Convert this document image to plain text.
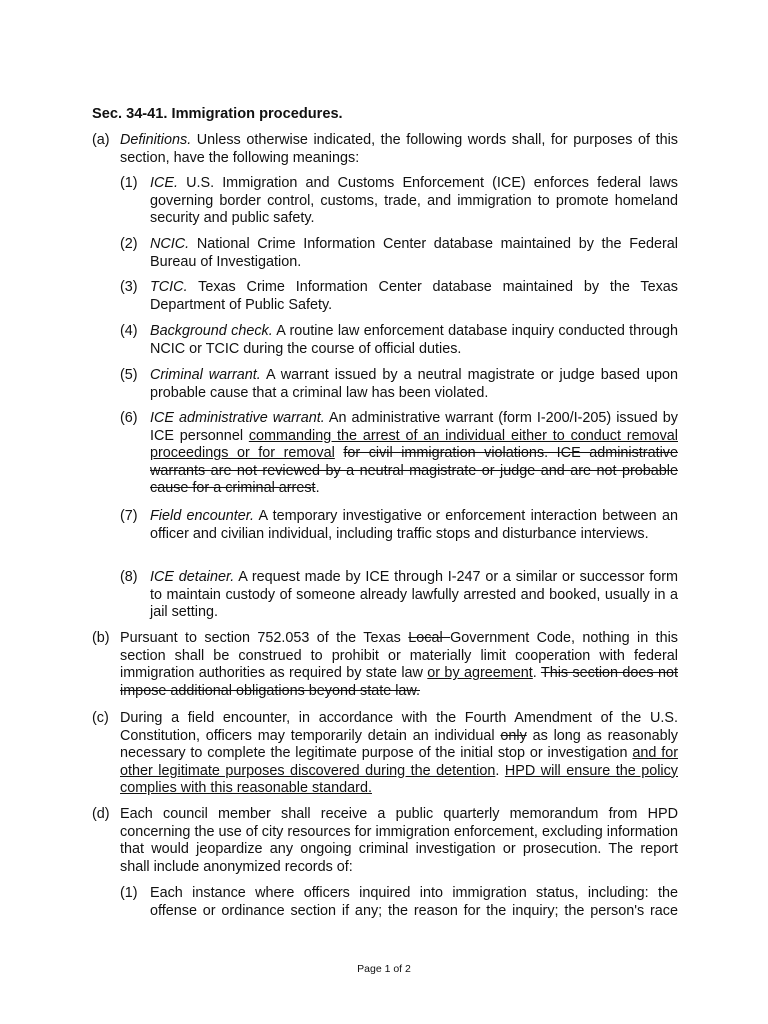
Sec. 34-41. Immigration procedures.
(a) Definitions. Unless otherwise indicated, the following words shall, for purposes of this section, have the following meanings:
(1) ICE. U.S. Immigration and Customs Enforcement (ICE) enforces federal laws governing border control, customs, trade, and immigration to promote homeland security and public safety.
(2) NCIC. National Crime Information Center database maintained by the Federal Bureau of Investigation.
(3) TCIC. Texas Crime Information Center database maintained by the Texas Department of Public Safety.
(4) Background check. A routine law enforcement database inquiry conducted through NCIC or TCIC during the course of official duties.
(5) Criminal warrant. A warrant issued by a neutral magistrate or judge based upon probable cause that a criminal law has been violated.
(6) ICE administrative warrant. An administrative warrant (form I-200/I-205) issued by ICE personnel commanding the arrest of an individual either to conduct removal proceedings or for removal for civil immigration violations. ICE administrative warrants are not reviewed by a neutral magistrate or judge and are not probable cause for a criminal arrest.
(7) Field encounter. A temporary investigative or enforcement interaction between an officer and civilian individual, including traffic stops and disturbance interviews.
(8) ICE detainer. A request made by ICE through I-247 or a similar or successor form to maintain custody of someone already lawfully arrested and booked, usually in a jail setting.
(b) Pursuant to section 752.053 of the Texas Local Government Code, nothing in this section shall be construed to prohibit or materially limit cooperation with federal immigration authorities as required by state law or by agreement. This section does not impose additional obligations beyond state law.
(c) During a field encounter, in accordance with the Fourth Amendment of the U.S. Constitution, officers may temporarily detain an individual only as long as reasonably necessary to complete the legitimate purpose of the initial stop or investigation and for other legitimate purposes discovered during the detention. HPD will ensure the policy complies with this reasonable standard.
(d) Each council member shall receive a public quarterly memorandum from HPD concerning the use of city resources for immigration enforcement, excluding information that would jeopardize any ongoing criminal investigation or prosecution. The report shall include anonymized records of:
(1) Each instance where officers inquired into immigration status, including: the offense or ordinance section if any; the reason for the inquiry; the person's race
Page 1 of 2
